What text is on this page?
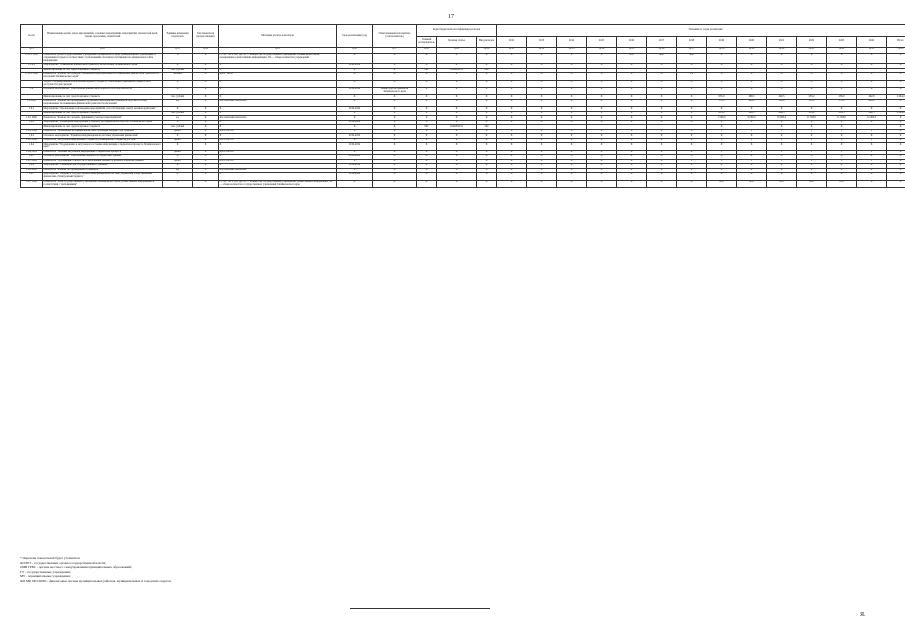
17
№ п/п	Наименование целей, задач, мероприятий, основных мероприятий, мероприятий, показателей цели, задачи, программы, показателей	Единица измерения показателя	Тип показателя (возрастающий)	Методика расчета показателя	Срок реализации (год)	Ответственный исполнитель (соисполнитель)	Коды бюджетной классификации расходов			Значения по годам реализации													
							Главный распорядитель	Целевая статья	Вид расходов	2012	2013	2014	2015	2016	2017	2018	2019	2020	2021	2022	2023	2024	Итого
гр.1	гр.2	гр.3	гр.4	гр.5	гр.6	гр.7	гр.8	гр.9	гр.10	гр.11	гр.12	гр.13	гр.14	гр.15	гр.16	гр.17	гр.18	гр.19	гр.20	гр.21	гр.22	гр.23	гр.24
1.5.2.1 ПЦ1	Показатель: Доля государственных учреждений Забайкальского края, муниципальных учреждений, в отношении которых в соответствии с требованиями обеспечена публикация на официальном сайте информации	%	X	I = Ч1 / Ч2 х 100, где Ч1 — количество государственных учреждений Забайкальского края, своевременно разместивших информацию; Ч2 — общее количество учреждений	X	X	X	X	X	X	X	X	X	95,0	96,0	96,0	X	X	X	X	X	X	X
1.5.2.2	Мероприятие "Повышение финансовой грамотности населения Забайкальского края"	X	X	X	2018-2024	X	X	X	X	X	X	X	X	X	X	X	X	X	X	X	X	X	X
	Финансирование за счет средств краевого бюджета	тыс. рублей	X	X	X	X	802	0140204011	240														
1.5.2.3 ПЦ1	Показатель "Количество граждан, охваченных мероприятиями по повышению финансовой грамотности населения Забайкальского края"	человек	X	Дп=1; Пп=0	X	X	X	X	X	X	X	X	X	X	X	1,0	X	X	X	X	X	X	X
	Задача 3. Формирование и исполнение краевого бюджета, отвечающих принципам открытости и доступности для граждан	X	X	X	X	X	X	X	X	X	X	X	X	X	X	X	X	X	X	X	X	X	X
1.6	Основное мероприятие "Обеспечение финансовой открытости и подотчетности"	X	X	X	2019-2024	Министерство финансов Забайкальского края	X	X	X	X	X	X	X	X	X	X	X	X	X	X	X	X	X
	Финансирование за счет средств краевого бюджета	тыс. рублей	X	X	X	X	X	X	X	X	X	X	X	X	X	X	653,0	289,5	249,5	253,2	259,0	262,8	2 264,4
1.6 ПЦ1	Показатель "Количество проведенных публичных мероприятий (семинаров, круглых столов), направленных на повышение финансовой грамотности населения"	ед.	X	Абсолютный показатель	X	X	X	X	X	X	X	X	X	X	X	X	170,0	400,0	500,0	550,0	575,0	600,0	X
1.6.1	Мероприятие "Организация и проведение мероприятий, способствующих охвату целевой аудитории"	X	X	X	2019-2024	X	X	X	X	X	X	X	X	X	X	X	X	X	X	X	X	X	X
	Финансирование за счет средств краевого бюджета	тыс. рублей	X	X	X	X	X	X	X	X	X	X	X	X	X	X	653,0	289,5	249,5	253,2	258,5	262,5	2 264,4
1.6.1 ПЦ1	Показатель "Количество человек, принявших участие в мероприятиях"	ед.	X	Абсолютный показатель	X	X	X	X	X	X	X	X	X	X	X	X	1 500,0	9 000,0	10 000,0	11 500,0	11 500,0	12 000,0	X
1.6.2	Мероприятие "Размещение информации о бюджете на официальном портале Забайкальского края"	X	X	X	2019-2024	X	X	X	X	X	X	X	X	X	X	X	X	X	X	X	X	X	X
	Финансирование за счет средств краевого бюджета	тыс. рублей	X	X	X	X	802	0140204011	240								X		X	X	X		X
1.6.2 ПЦ1	Показатель "Размещение на официальном сайте брошюры «Бюджет для граждан»"	да/нет	X	Да=1; Нет=0	X	X	X	X	X	X	X	X	X	X	X	X	1	1	1	1	1	1	X
1.6.3	Основное мероприятие "Развитие информационной системы управления финансами"	X	X	X	2019-2024	X	X	X	X	X	X	X	X	X	X	X	X	X	X	X	X	X	X
1.6.3 ПЦ1	Показатель "Актуальная информация о бюджете, размещенная в открытом доступе"	да/нет	X	Да=1; Нет=0	X	X	X	X	X	X	X	X	X	X	X	X	1	1	1	1	1	1	X
1.6.4	Мероприятие "Поддержание в актуальном состоянии информации о бюджетном процессе Забайкальского края"	X	X	X	2019-2024	X	X	X	X	X	X	X	X	X	X	X	X	X	X	X	X	X	X
1.6.4 ПЦ1	Показатель "Наличие актуальной информации о бюджетном процессе"	да/нет	X	Да=1; Нет=0	X	X	X	X	X	X	X	X	X	X	X	X	1	1	1	1	1	1	X
1.6.5	Основное мероприятие "Обеспечение открытости бюджетных данных"	X	X	X	2019-2024	X	X	X	X	X	X	X	X	X	X	X	X	X	X	X	X	X	X
1.6.5 ПЦ1	Показатель "Публикация отчетности об исполнении бюджета в формате открытых данных"	да/нет	X	Да=1; Нет=0	X	X	X	X	X	X	X	X	X	X	X	1	1	1	1	1	1	1	X
1.6.6	Мероприятие "Семинары для государственных служащих"	X	X	X	2019-2024	X	X	X	X	X	X	X	X	X	X	X	X	X	X	X	X	X	X
1.6.6 ПЦ1	Показатель "Количество проведенных семинаров"	ед.	X	Абсолютный показатель	X	X	X	X	X	X	X	X	X	4	4	4	4	4	4	4	4	4	X
1.6.7	Мероприятие "Ведение в государственной информационной системе управления общественными финансами «Электронный бюджет»"	X	X	X	2019-2024	X	X	X	X	X	X	X	X	X	X	X	X	X	X	X	X	X	X
1.6.7 ПЦ1	Показатель "Доля государственных учреждений Забайкальского края, разместивших информацию в соответствии с требованиями"	%	X	I = Ч1 / Ч2 х 100, где Ч1 — количество государственных учреждений, разместивших информацию; Ч2 — общее количество государственных учреждений Забайкальского края	X	X	X	X	X	X	X	X	X	X	X	X	90,0	90,0	92,0	92,0	93,0	X	X
* Перечень показателей будет уточняться
ФЭЭРТ - государственные органы государственной власти;
ОИВ ГРБС - органы местного самоуправления муниципальных образований;
ГУ - государственные учреждения;
МУ - муниципальные учреждения;
ФО МР, МО МПО - финансовые органы муниципальных районов, муниципальных и городских округов.
Я.
